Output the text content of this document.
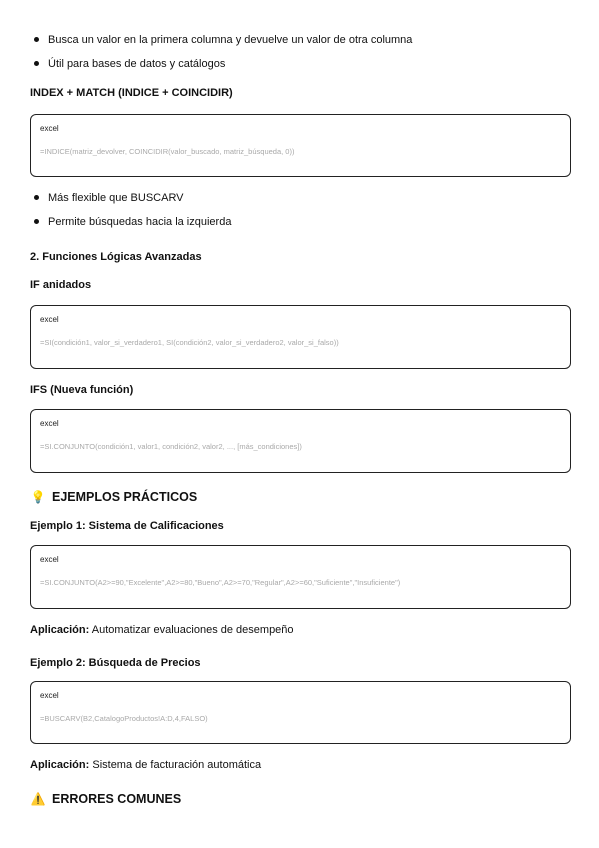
Busca un valor en la primera columna y devuelve un valor de otra columna
Útil para bases de datos y catálogos
INDEX + MATCH (INDICE + COINCIDIR)
excel
=INDICE(matriz_devolver, COINCIDIR(valor_buscado, matriz_búsqueda, 0))
Más flexible que BUSCARV
Permite búsquedas hacia la izquierda
2. Funciones Lógicas Avanzadas
IF anidados
excel
=SI(condición1, valor_si_verdadero1, SI(condición2, valor_si_verdadero2, valor_si_falso))
IFS (Nueva función)
excel
=SI.CONJUNTO(condición1, valor1, condición2, valor2, ..., [más_condiciones])
💡 EJEMPLOS PRÁCTICOS
Ejemplo 1: Sistema de Calificaciones
excel
=SI.CONJUNTO(A2>=90,"Excelente",A2>=80,"Bueno",A2>=70,"Regular",A2>=60,"Suficiente","Insuficiente")
Aplicación: Automatizar evaluaciones de desempeño
Ejemplo 2: Búsqueda de Precios
excel
=BUSCARV(B2,CatalogoProductos!A:D,4,FALSO)
Aplicación: Sistema de facturación automática
⚠️ ERRORES COMUNES
